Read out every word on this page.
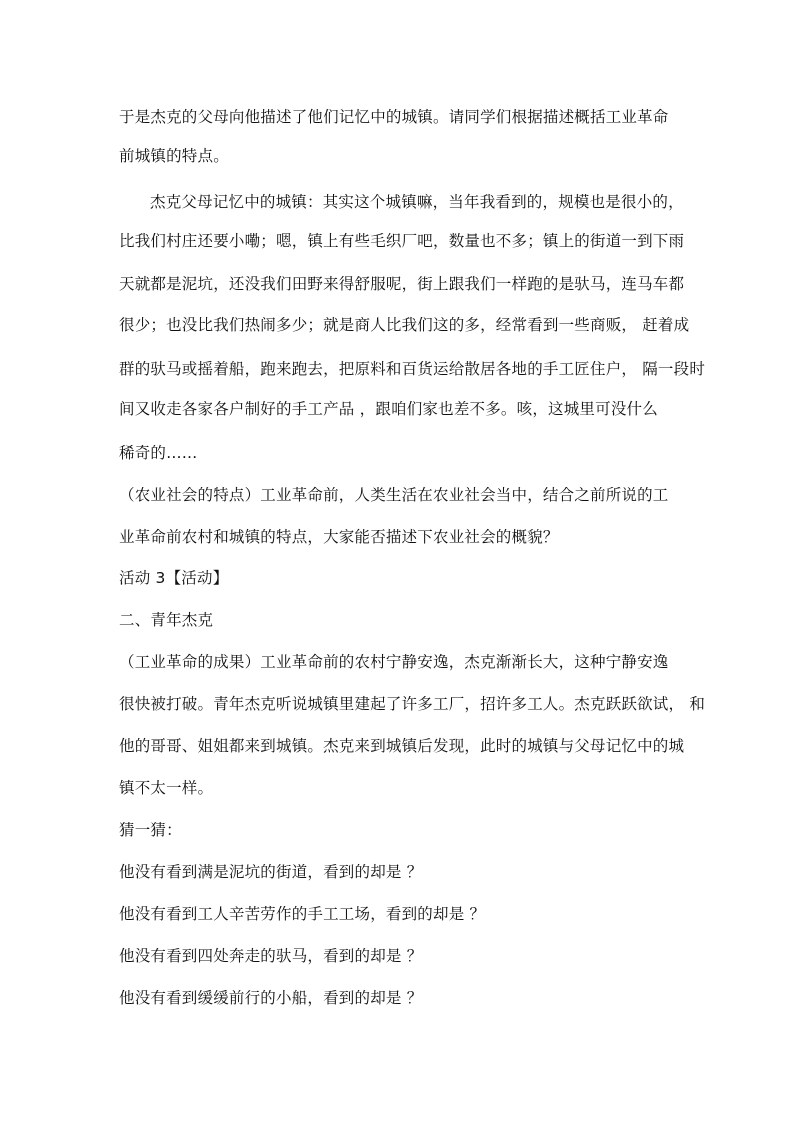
于是杰克的父母向他描述了他们记忆中的城镇。请同学们根据描述概括工业革命
前城镇的特点。
杰克父母记忆中的城镇：其实这个城镇嘛，当年我看到的，规模也是很小的，
比我们村庄还要小嘞；嗯，镇上有些毛织厂吧，数量也不多；镇上的街道一到下雨
天就都是泥坑，还没我们田野来得舒服呢，街上跟我们一样跑的是驮马，连马车都
很少；也没比我们热闹多少；就是商人比我们这的多，经常看到一些商贩， 赶着成
群的驮马或摇着船，跑来跑去，把原料和百货运给散居各地的手工匠住户， 隔一段时
间又收走各家各户制好的手工产品 ，跟咱们家也差不多。咳，这城里可没什么
稀奇的……
（农业社会的特点）工业革命前，人类生活在农业社会当中，结合之前所说的工
业革命前农村和城镇的特点，大家能否描述下农业社会的概貌？
活动 3【活动】
二、青年杰克
（工业革命的成果）工业革命前的农村宁静安逸，杰克渐渐长大，这种宁静安逸
很快被打破。青年杰克听说城镇里建起了许多工厂，招许多工人。杰克跃跃欲试， 和
他的哥哥、姐姐都来到城镇。杰克来到城镇后发现，此时的城镇与父母记忆中的城
镇不太一样。
猜一猜：
他没有看到满是泥坑的街道，看到的却是 ？
他没有看到工人辛苦劳作的手工工场，看到的却是 ？
他没有看到四处奔走的驮马，看到的却是 ？
他没有看到缓缓前行的小船，看到的却是 ？
